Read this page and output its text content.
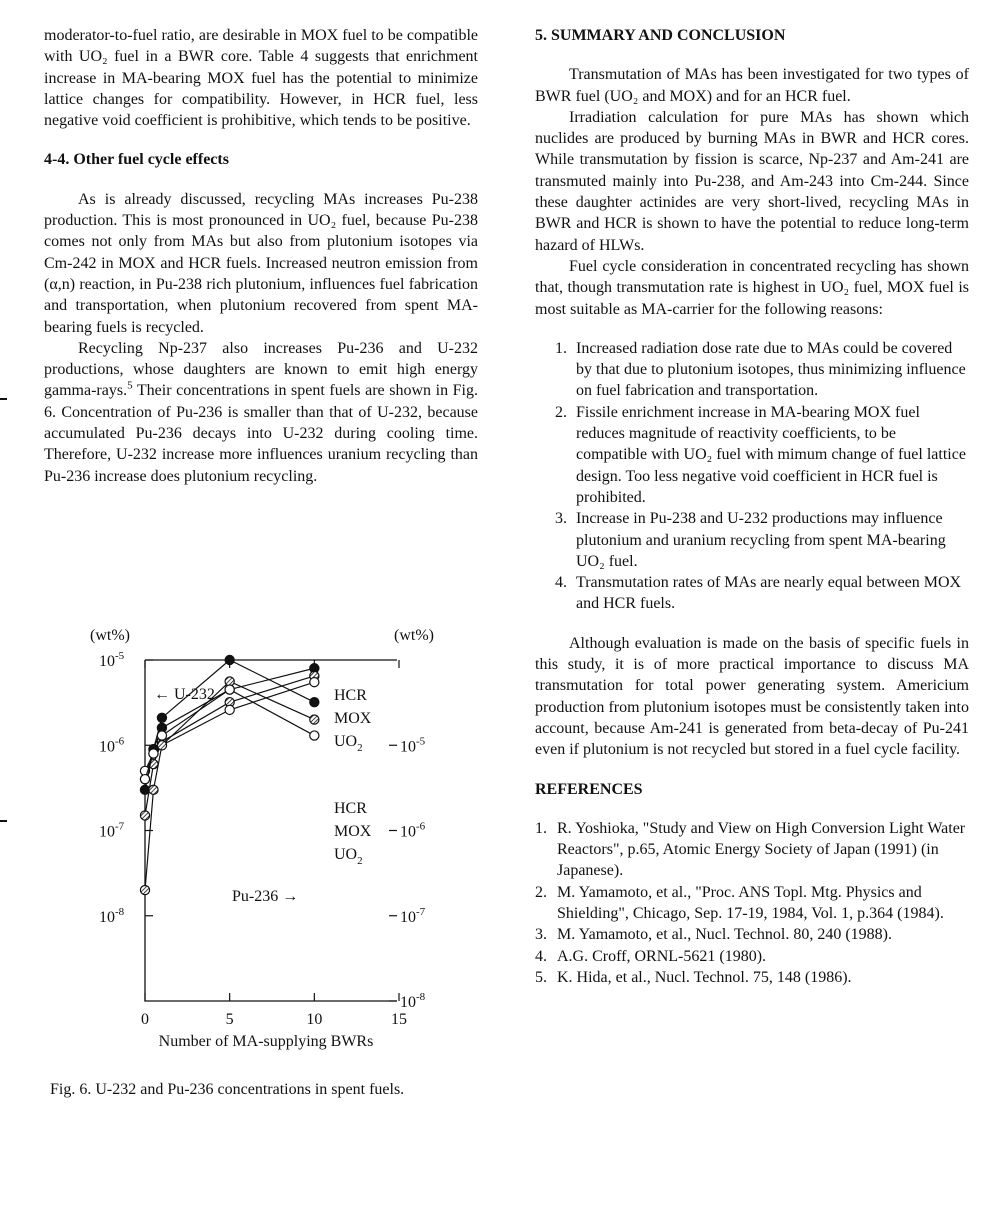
moderator-to-fuel ratio, are desirable in MOX fuel to be compatible with UO₂ fuel in a BWR core. Table 4 suggests that enrichment increase in MA-bearing MOX fuel has the potential to minimize lattice changes for compatibility. However, in HCR fuel, less negative void coefficient is prohibitive, which tends to be positive.

4-4. Other fuel cycle effects

As is already discussed, recycling MAs increases Pu-238 production. This is most pronounced in UO₂ fuel, because Pu-238 comes not only from MAs but also from plutonium isotopes via Cm-242 in MOX and HCR fuels. Increased neutron emission from (α,n) reaction, in Pu-238 rich plutonium, influences fuel fabrication and transportation, when plutonium recovered from spent MA-bearing fuels is recycled.

Recycling Np-237 also increases Pu-236 and U-232 productions, whose daughters are known to emit high energy gamma-rays.$^5$ Their concentrations in spent fuels are shown in Fig. 6. Concentration of Pu-236 is smaller than that of U-232, because accumulated Pu-236 decays into U-232 during cooling time. Therefore, U-232 increase more influences uranium recycling than Pu-236 increase does plutonium recycling.

(wt%)	(wt%)
$10^{-5}$
$10^{-6}$
$10^{-7}$
$10^{-8}$
$10^{-5}$
$10^{-6}$
$10^{-7}$
$10^{-8}$
0	5	10	15
Number of MA-supplying BWRs
HCR
MOX
$UO_2$
HCR
MOX
$UO_2$
← U-232
Pu-236 →
Fig. 6. U-232 and Pu-236 concentrations in spent fuels.

5. SUMMARY AND CONCLUSION

Transmutation of MAs has been investigated for two types of BWR fuel (UO₂ and MOX) and for an HCR fuel.

Irradiation calculation for pure MAs has shown which nuclides are produced by burning MAs in BWR and HCR cores. While transmutation by fission is scarce, Np-237 and Am-241 are transmuted mainly into Pu-238, and Am-243 into Cm-244. Since these daughter actinides are very short-lived, recycling MAs in BWR and HCR is shown to have the potential to reduce long-term hazard of HLWs.

Fuel cycle consideration in concentrated recycling has shown that, though transmutation rate is highest in UO₂ fuel, MOX fuel is most suitable as MA-carrier for the following reasons:

1. Increased radiation dose rate due to MAs could be covered by that due to plutonium isotopes, thus minimizing influence on fuel fabrication and transportation.
2. Fissile enrichment increase in MA-bearing MOX fuel reduces magnitude of reactivity coefficients, to be compatible with UO₂ fuel with mimum change of fuel lattice design. Too less negative void coefficient in HCR fuel is prohibited.
3. Increase in Pu-238 and U-232 productions may influence plutonium and uranium recycling from spent MA-bearing UO₂ fuel.
4. Transmutation rates of MAs are nearly equal between MOX and HCR fuels.

Although evaluation is made on the basis of specific fuels in this study, it is of more practical importance to discuss MA transmutation for total power generating system. Americium production from plutonium isotopes must be consistently taken into account, because Am-241 is generated from beta-decay of Pu-241 even if plutonium is not recycled but stored in a fuel cycle facility.

REFERENCES

1. R. Yoshioka, "Study and View on High Conversion Light Water Reactors", p.65, Atomic Energy Society of Japan (1991) (in Japanese).
2. M. Yamamoto, et al., "Proc. ANS Topl. Mtg. Physics and Shielding", Chicago, Sep. 17-19, 1984, Vol. 1, p.364 (1984).
3. M. Yamamoto, et al., Nucl. Technol. 80, 240 (1988).
4. A.G. Croff, ORNL-5621 (1980).
5. K. Hida, et al., Nucl. Technol. 75, 148 (1986).
